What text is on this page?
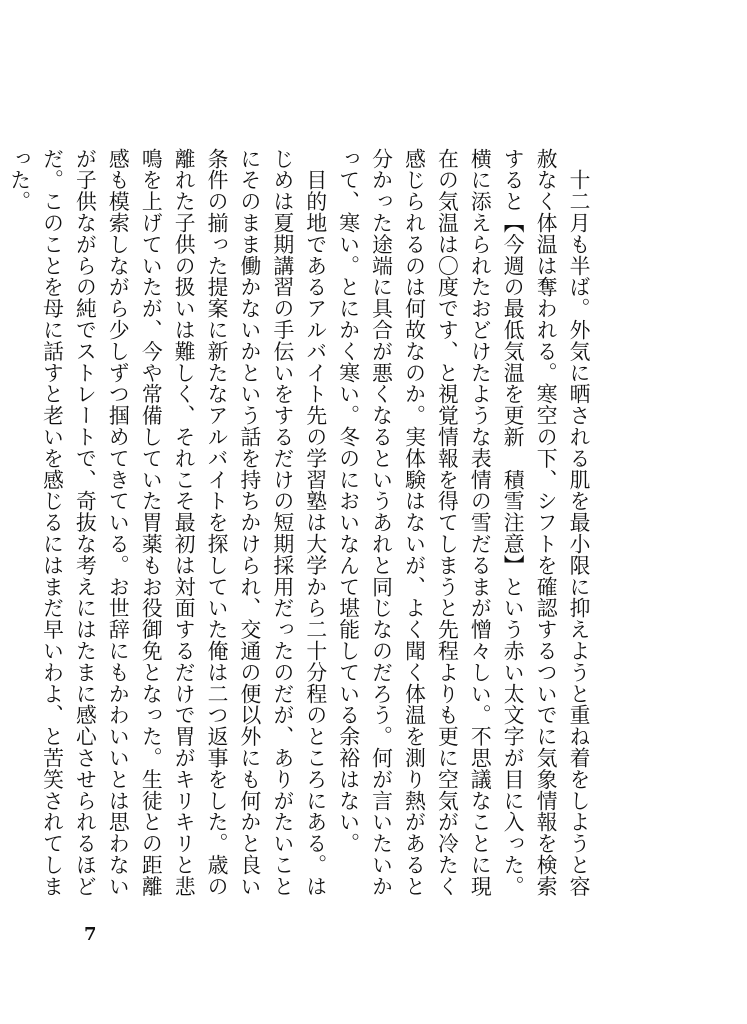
　十二月も半ば。外気に晒される肌を最小限に抑えようと重ね着をしようと容赦なく体温は奪われる。寒空の下、シフトを確認するついでに気象情報を検索すると【今週の最低気温を更新　積雪注意】という赤い太文字が目に入った。横に添えられたおどけたような表情の雪だるまが憎々しい。不思議なことに現在の気温は〇度です、と視覚情報を得てしまうと先程よりも更に空気が冷たく感じられるのは何故なのか。実体験はないが、よく聞く体温を測り熱があると分かった途端に具合が悪くなるというあれと同じなのだろう。何が言いたいかって、寒い。とにかく寒い。冬のにおいなんて堪能している余裕はない。

　目的地であるアルバイト先の学習塾は大学から二十分程のところにある。はじめは夏期講習の手伝いをするだけの短期採用だったのだが、ありがたいことにそのまま働かないかという話を持ちかけられ、交通の便以外にも何かと良い条件の揃った提案に新たなアルバイトを探していた俺は二つ返事をした。歳の離れた子供の扱いは難しく、それこそ最初は対面するだけで胃がキリキリと悲鳴を上げていたが、今や常備していた胃薬もお役御免となった。生徒との距離感も模索しながら少しずつ掴めてきている。お世辞にもかわいいとは思わないが子供ながらの純でストレートで、奇抜な考えにはたまに感心させられるほどだ。このことを母に話すと老いを感じるにはまだ早いわよ、と苦笑されてしまった。

7
